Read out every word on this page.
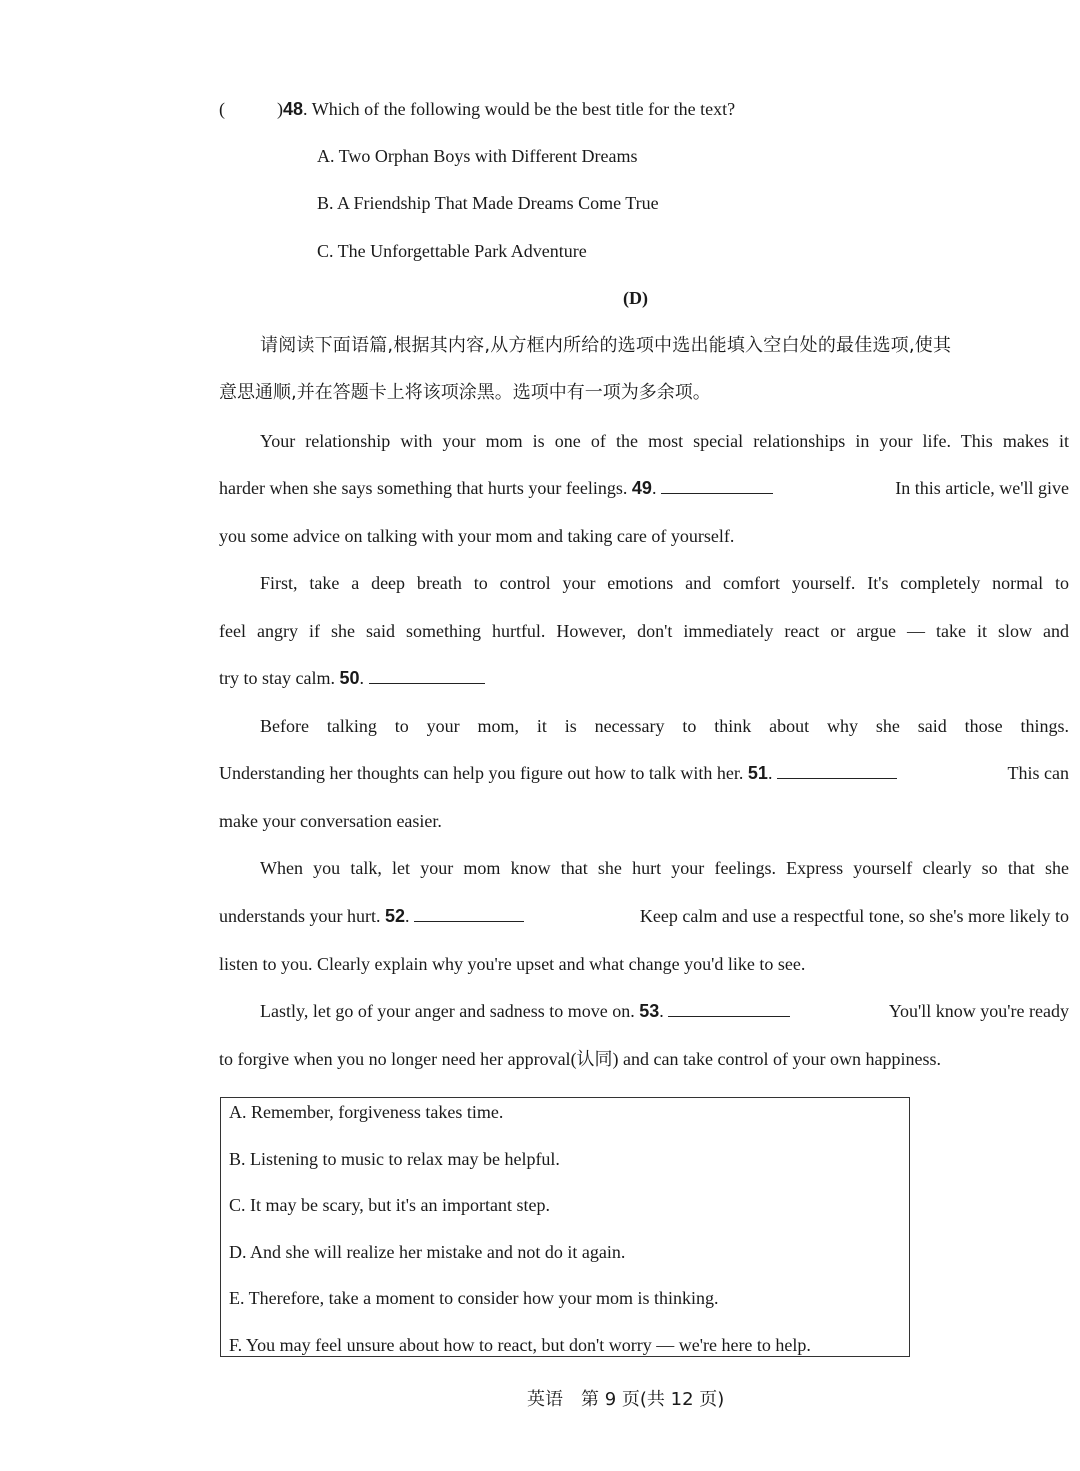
(	)48. Which of the following would be the best title for the text?
A. Two Orphan Boys with Different Dreams
B. A Friendship That Made Dreams Come True
C. The Unforgettable Park Adventure
(D)
请阅读下面语篇,根据其内容,从方框内所给的选项中选出能填入空白处的最佳选项,使其
意思通顺,并在答题卡上将该项涂黑。选项中有一项为多余项。
Your relationship with your mom is one of the most special relationships in your life. This makes it
harder when she says something that hurts your feelings. 49.	In this article, we'll give
you some advice on talking with your mom and taking care of yourself.
First, take a deep breath to control your emotions and comfort yourself. It's completely normal to
feel angry if she said something hurtful. However, don't immediately react or argue — take it slow and
try to stay calm. 50.
Before talking to your mom, it is necessary to think about why she said those things.
Understanding her thoughts can help you figure out how to talk with her. 51.	This can
make your conversation easier.
When you talk, let your mom know that she hurt your feelings. Express yourself clearly so that she
understands your hurt. 52.	Keep calm and use a respectful tone, so she's more likely to
listen to you. Clearly explain why you're upset and what change you'd like to see.
Lastly, let go of your anger and sadness to move on. 53.	You'll know you're ready
to forgive when you no longer need her approval(认同) and can take control of your own happiness.
A. Remember, forgiveness takes time.
B. Listening to music to relax may be helpful.
C. It may be scary, but it's an important step.
D. And she will realize her mistake and not do it again.
E. Therefore, take a moment to consider how your mom is thinking.
F. You may feel unsure about how to react, but don't worry — we're here to help.
英语　第 9 页(共 12 页)
